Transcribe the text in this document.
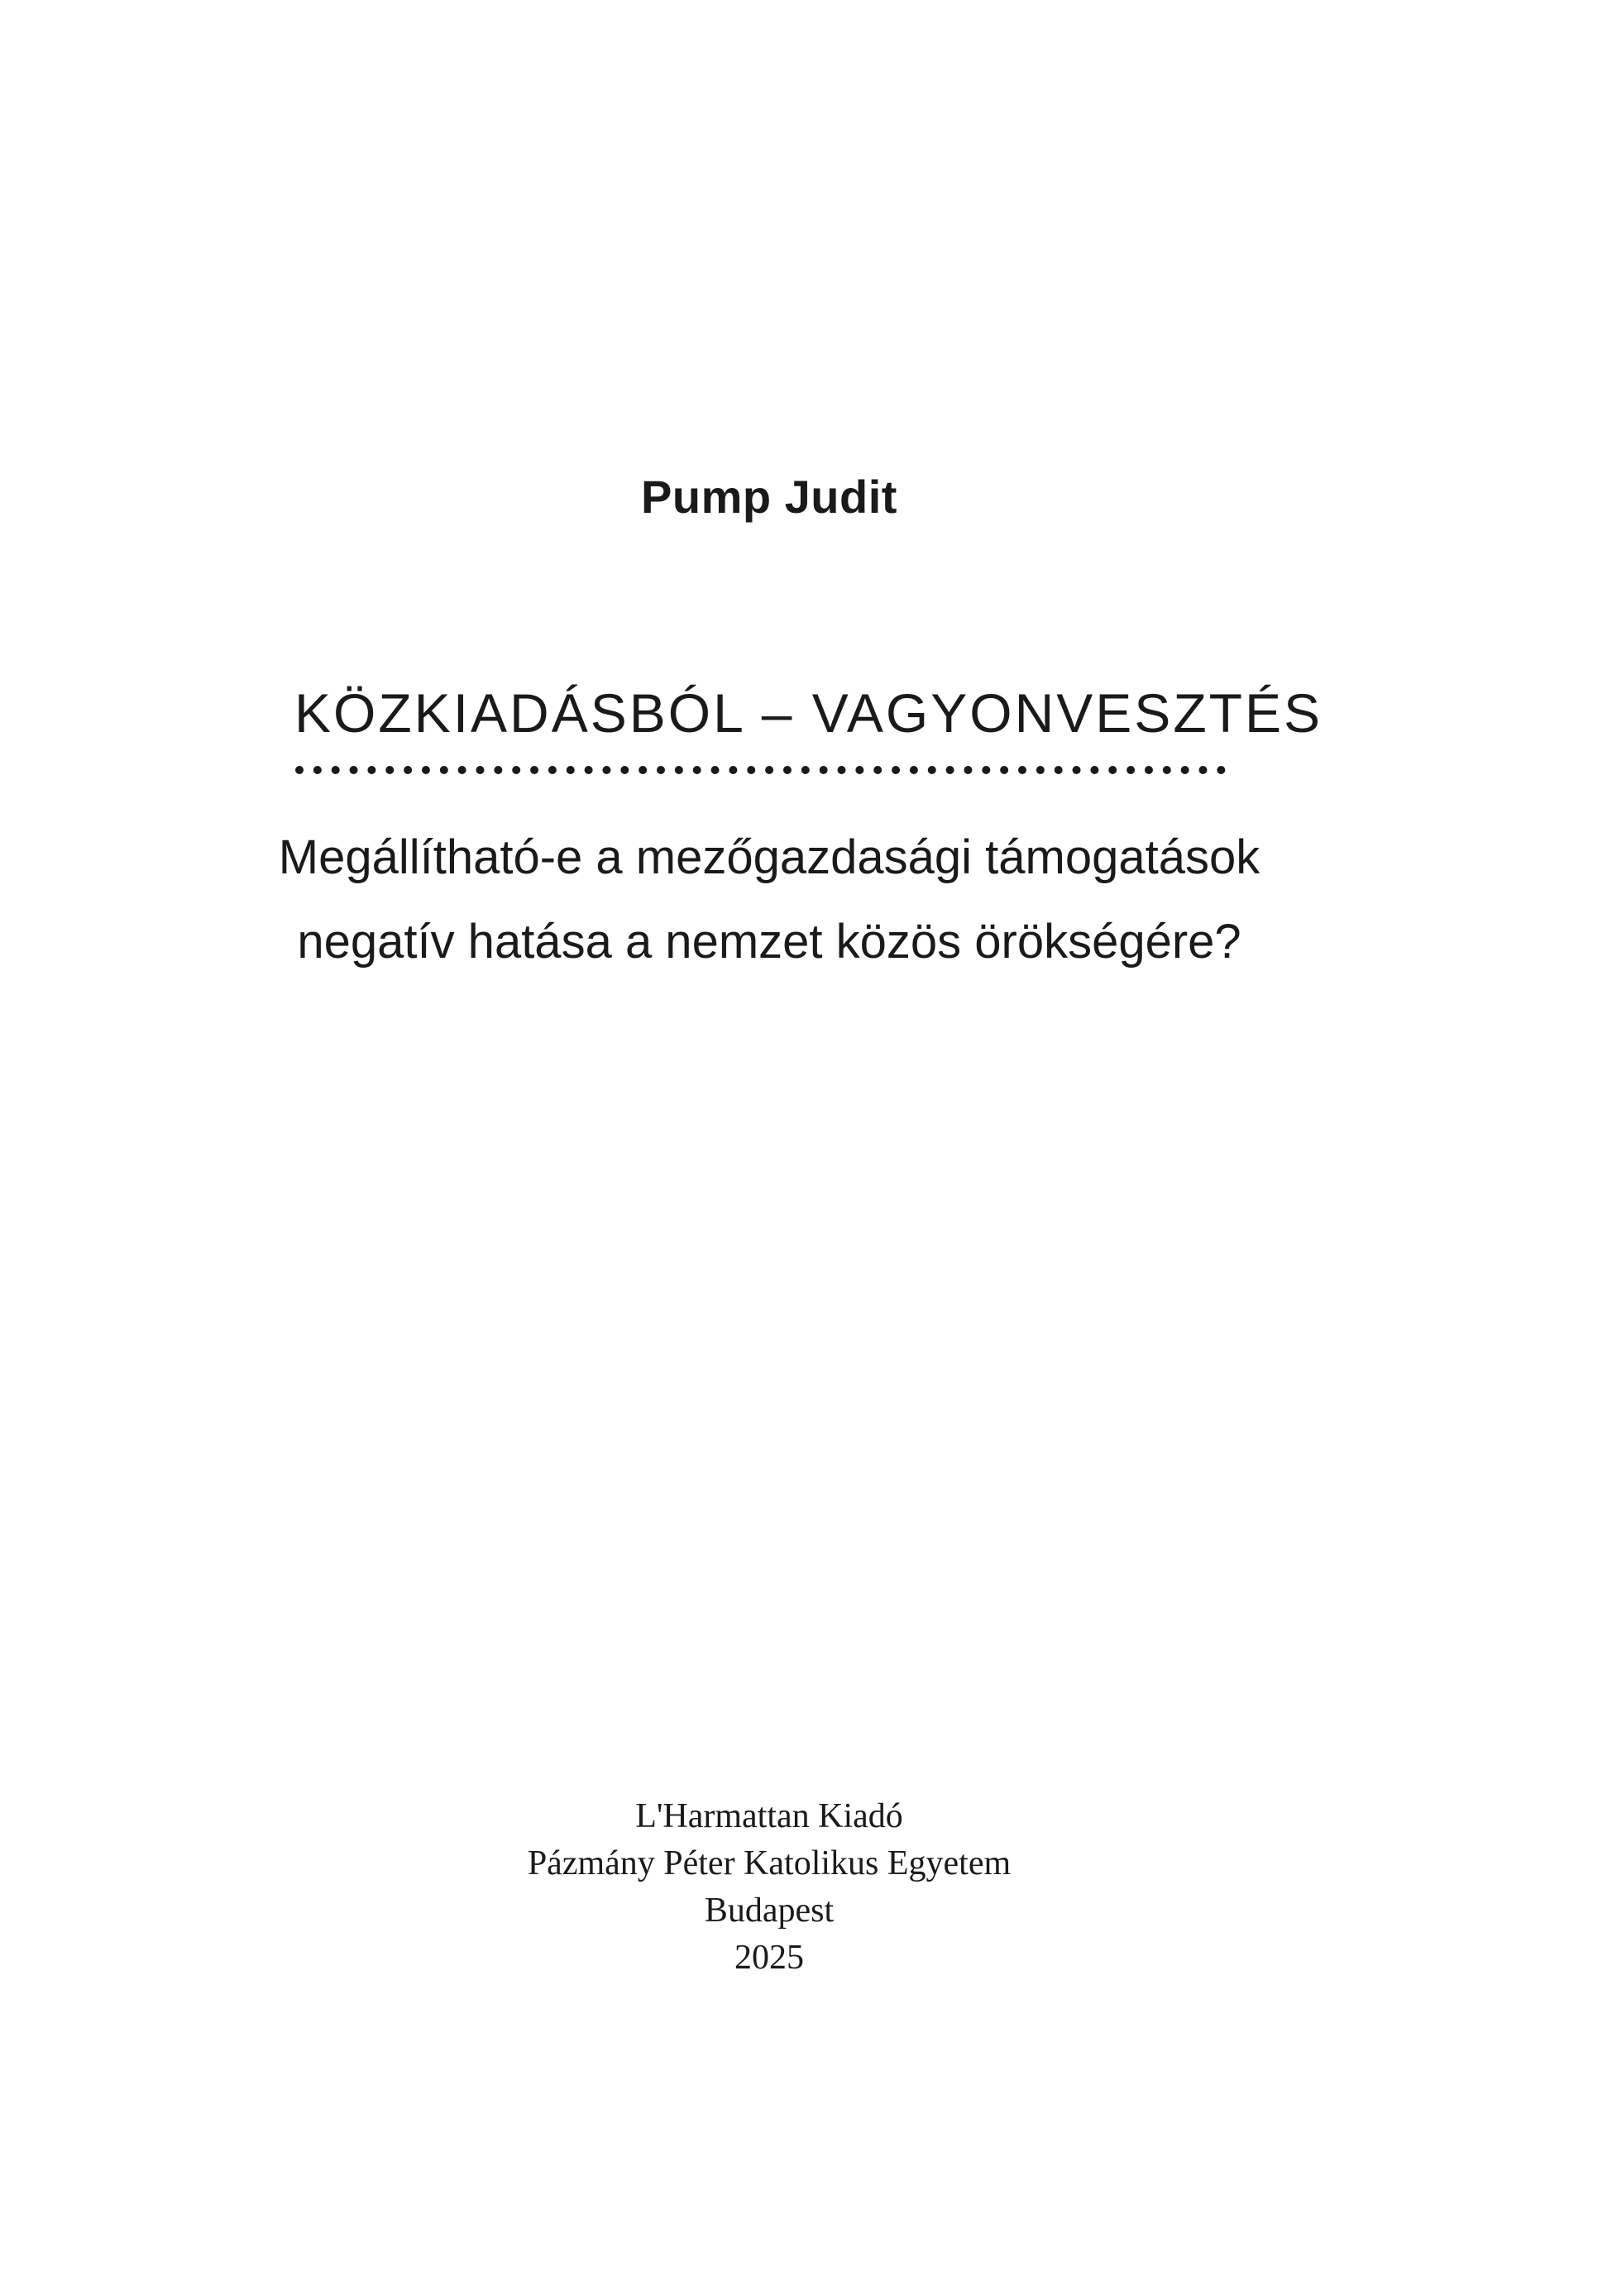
Pump Judit
KÖZKIADÁSBÓL – VAGYONVESZTÉS
Megállítható-e a mezőgazdasági támogatások
negatív hatása a nemzet közös örökségére?
L'Harmattan Kiadó
Pázmány Péter Katolikus Egyetem
Budapest
2025
